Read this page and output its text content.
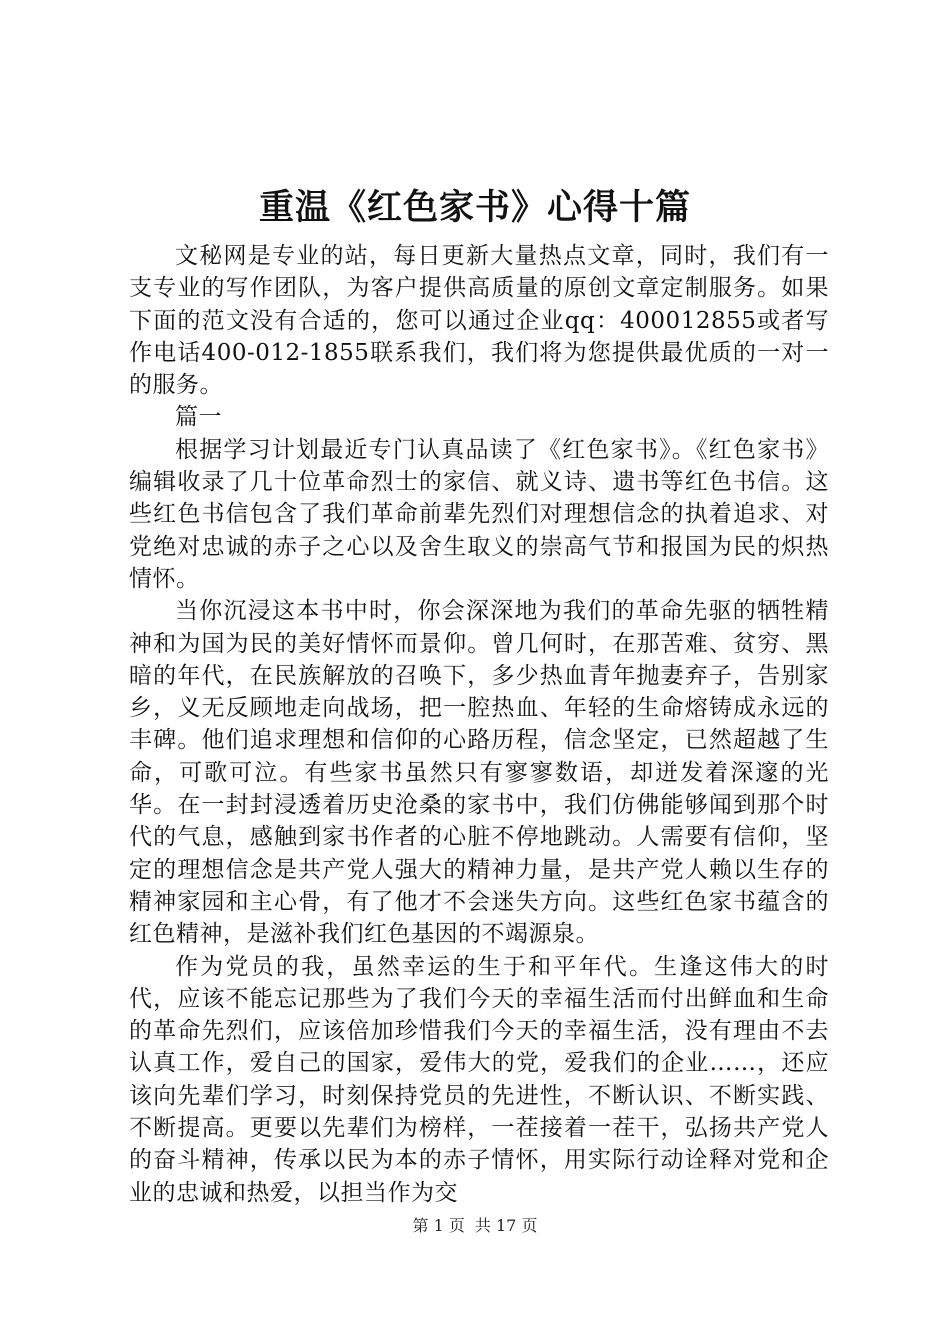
重温《红色家书》心得十篇

文秘网是专业的站，每日更新大量热点文章，同时，我们有一支专业的写作团队，为客户提供高质量的原创文章定制服务。如果下面的范文没有合适的，您可以通过企业qq：400012855或者写作电话400-012-1855联系我们，我们将为您提供最优质的一对一的服务。

篇一

根据学习计划最近专门认真品读了《红色家书》。《红色家书》编辑收录了几十位革命烈士的家信、就义诗、遗书等红色书信。这些红色书信包含了我们革命前辈先烈们对理想信念的执着追求、对党绝对忠诚的赤子之心以及舍生取义的崇高气节和报国为民的炽热情怀。

当你沉浸这本书中时，你会深深地为我们的革命先驱的牺牲精神和为国为民的美好情怀而景仰。曾几何时，在那苦难、贫穷、黑暗的年代，在民族解放的召唤下，多少热血青年抛妻弃子，告别家乡，义无反顾地走向战场，把一腔热血、年轻的生命熔铸成永远的丰碑。他们追求理想和信仰的心路历程，信念坚定，已然超越了生命，可歌可泣。有些家书虽然只有寥寥数语，却迸发着深邃的光华。在一封封浸透着历史沧桑的家书中，我们仿佛能够闻到那个时代的气息，感触到家书作者的心脏不停地跳动。人需要有信仰，坚定的理想信念是共产党人强大的精神力量，是共产党人赖以生存的精神家园和主心骨，有了他才不会迷失方向。这些红色家书蕴含的红色精神，是滋补我们红色基因的不竭源泉。

作为党员的我，虽然幸运的生于和平年代。生逢这伟大的时代，应该不能忘记那些为了我们今天的幸福生活而付出鲜血和生命的革命先烈们，应该倍加珍惜我们今天的幸福生活，没有理由不去认真工作，爱自己的国家，爱伟大的党，爱我们的企业……，还应该向先辈们学习，时刻保持党员的先进性，不断认识、不断实践、不断提高。更要以先辈们为榜样，一茬接着一茬干，弘扬共产党人的奋斗精神，传承以民为本的赤子情怀，用实际行动诠释对党和企业的忠诚和热爱，以担当作为交

第 1 页 共 17 页
